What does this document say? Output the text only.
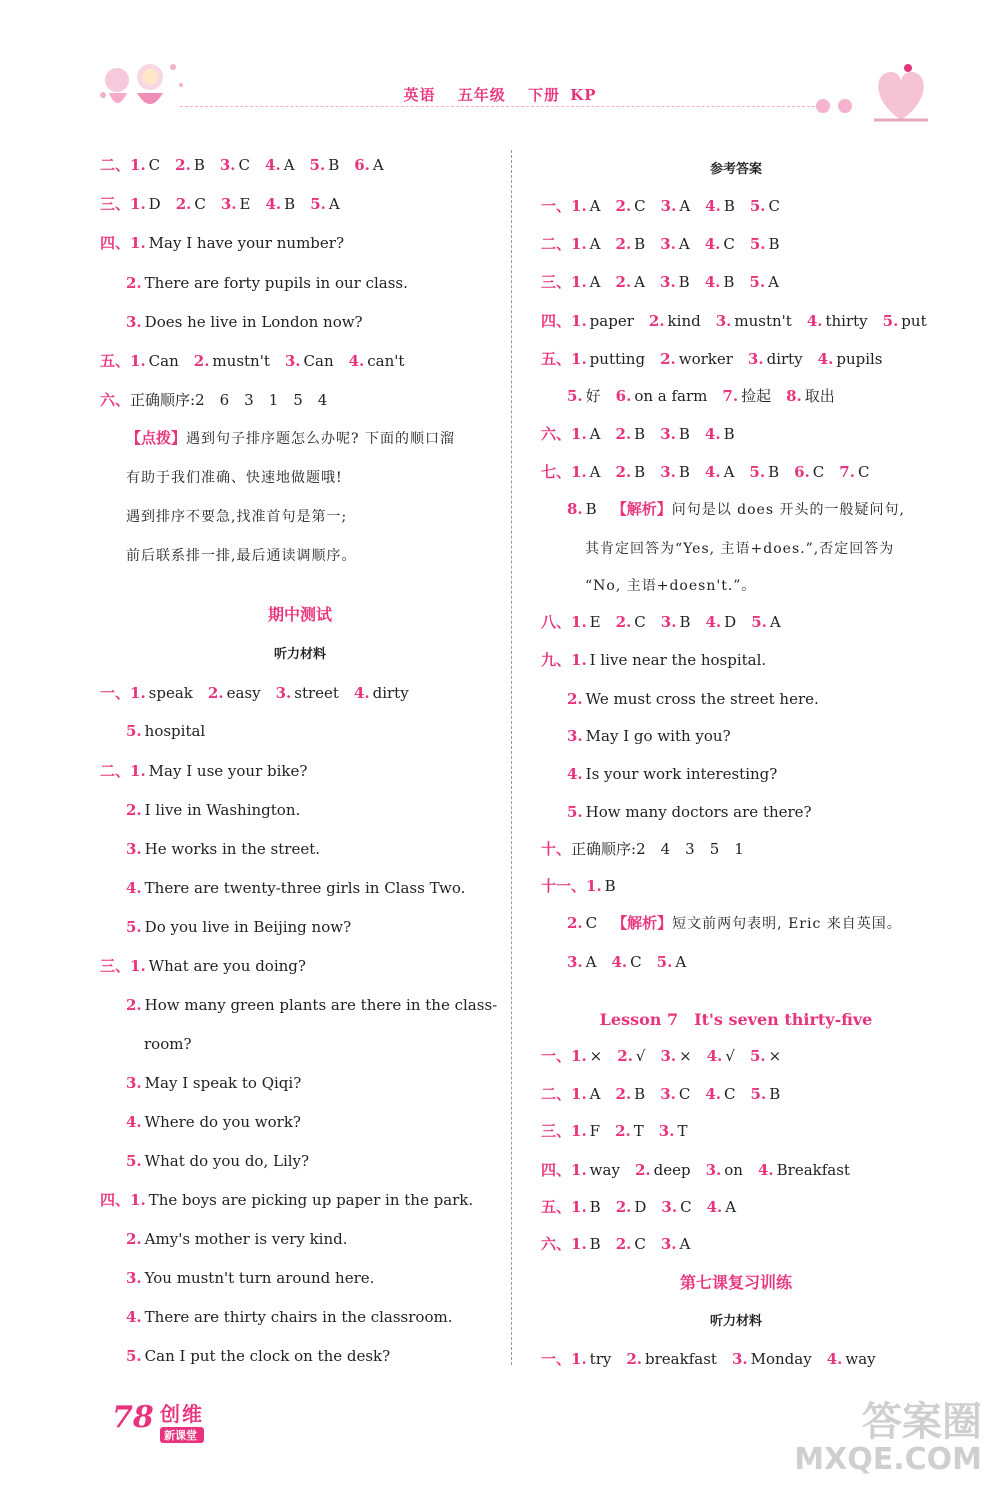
英语 五年级 下册 KP
二、1. C  2. B  3. C  4. A  5. B  6. A
三、1. D  2. C  3. E  4. B  5. A
四、1. May I have your number?
2. There are forty pupils in our class.
3. Does he live in London now?
五、1. Can  2. mustn't  3. Can  4. can't
六、正确顺序:2　6　3　1　5　4
【点拨】遇到句子排序题怎么办呢? 下面的顺口溜
有助于我们准确、快速地做题哦!
遇到排序不要急,找准首句是第一;
前后联系排一排,最后通读调顺序。
期中测试
听力材料
一、1. speak  2. easy  3. street  4. dirty
5. hospital
二、1. May I use your bike?
2. I live in Washington.
3. He works in the street.
4. There are twenty-three girls in Class Two.
5. Do you live in Beijing now?
三、1. What are you doing?
2. How many green plants are there in the class-
room?
3. May I speak to Qiqi?
4. Where do you work?
5. What do you do, Lily?
四、1. The boys are picking up paper in the park.
2. Amy's mother is very kind.
3. You mustn't turn around here.
4. There are thirty chairs in the classroom.
5. Can I put the clock on the desk?
参考答案
一、1. A  2. C  3. A  4. B  5. C
二、1. A  2. B  3. A  4. C  5. B
三、1. A  2. A  3. B  4. B  5. A
四、1. paper  2. kind  3. mustn't  4. thirty  5. put
五、1. putting  2. worker  3. dirty  4. pupils
5. 好  6. on a farm  7. 捡起  8. 取出
六、1. A  2. B  3. B  4. B
七、1. A  2. B  3. B  4. A  5. B  6. C  7. C
8. B 【解析】问句是以 does 开头的一般疑问句,
其肯定回答为“Yes, 主语+does.”,否定回答为
“No, 主语+doesn't.”。
八、1. E  2. C  3. B  4. D  5. A
九、1. I live near the hospital.
2. We must cross the street here.
3. May I go with you?
4. Is your work interesting?
5. How many doctors are there?
十、正确顺序:2　4　3　5　1
十一、1. B
2. C 【解析】短文前两句表明, Eric 来自英国。
3. A  4. C  5. A
Lesson 7　It's seven thirty-five
一、1. ×  2. √  3. ×  4. √  5. ×
二、1. A  2. B  3. C  4. C  5. B
三、1. F  2. T  3. T
四、1. way  2. deep  3. on  4. Breakfast
五、1. B  2. D  3. C  4. A
六、1. B  2. C  3. A
第七课复习训练
听力材料
一、1. try  2. breakfast  3. Monday  4. way
78 创维
新课堂	答案圈
MXQE.COM
